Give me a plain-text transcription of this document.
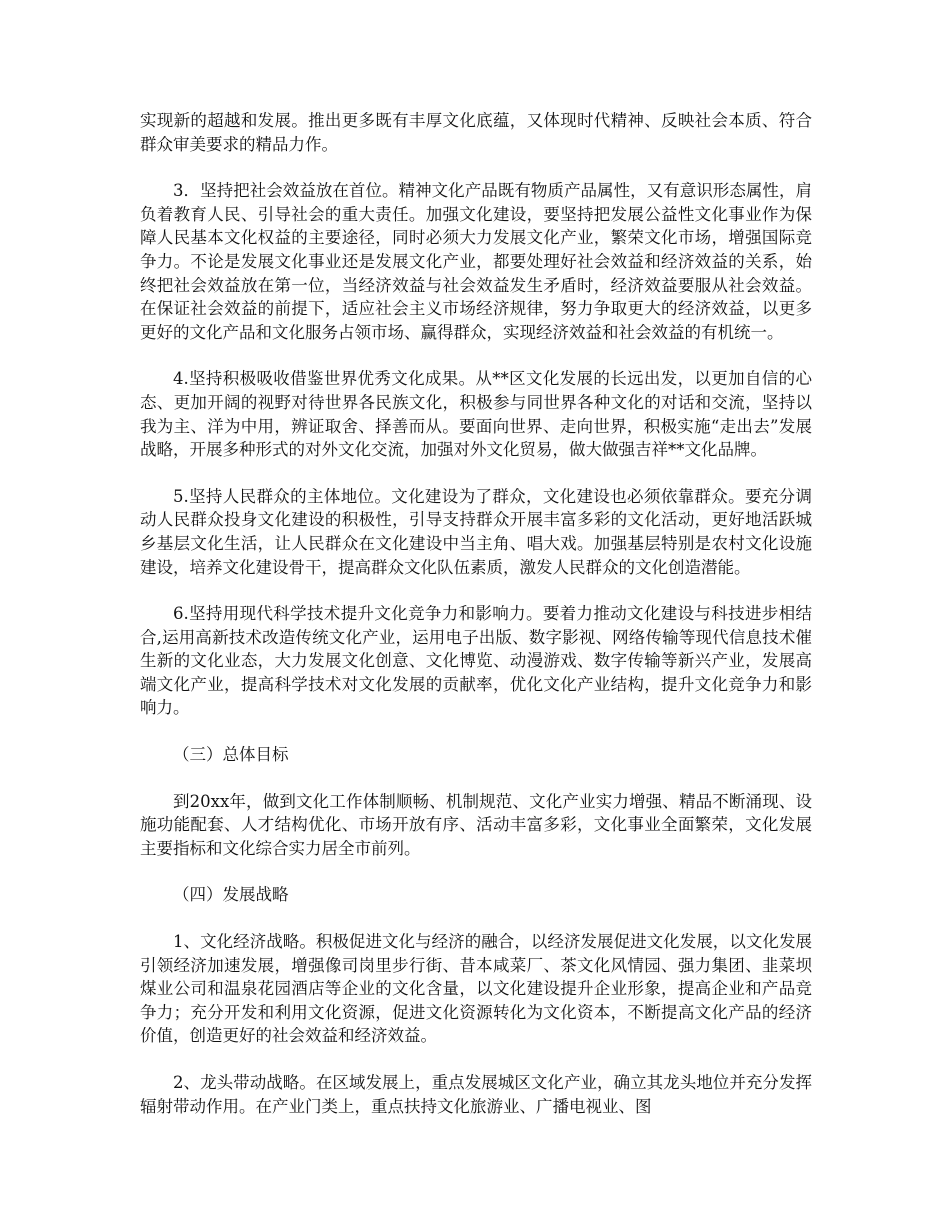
实现新的超越和发展。推出更多既有丰厚文化底蕴，又体现时代精神、反映社会本质、符合群众审美要求的精品力作。

3．坚持把社会效益放在首位。精神文化产品既有物质产品属性，又有意识形态属性，肩负着教育人民、引导社会的重大责任。加强文化建设，要坚持把发展公益性文化事业作为保障人民基本文化权益的主要途径，同时必须大力发展文化产业，繁荣文化市场，增强国际竞争力。不论是发展文化事业还是发展文化产业，都要处理好社会效益和经济效益的关系，始终把社会效益放在第一位，当经济效益与社会效益发生矛盾时，经济效益要服从社会效益。在保证社会效益的前提下，适应社会主义市场经济规律，努力争取更大的经济效益，以更多更好的文化产品和文化服务占领市场、赢得群众，实现经济效益和社会效益的有机统一。

4.坚持积极吸收借鉴世界优秀文化成果。从**区文化发展的长远出发，以更加自信的心态、更加开阔的视野对待世界各民族文化，积极参与同世界各种文化的对话和交流，坚持以我为主、洋为中用，辨证取舍、择善而从。要面向世界、走向世界，积极实施“走出去”发展战略，开展多种形式的对外文化交流，加强对外文化贸易，做大做强吉祥**文化品牌。

5.坚持人民群众的主体地位。文化建设为了群众，文化建设也必须依靠群众。要充分调动人民群众投身文化建设的积极性，引导支持群众开展丰富多彩的文化活动，更好地活跃城乡基层文化生活，让人民群众在文化建设中当主角、唱大戏。加强基层特别是农村文化设施建设，培养文化建设骨干，提高群众文化队伍素质，激发人民群众的文化创造潜能。

6.坚持用现代科学技术提升文化竞争力和影响力。要着力推动文化建设与科技进步相结合,运用高新技术改造传统文化产业，运用电子出版、数字影视、网络传输等现代信息技术催生新的文化业态，大力发展文化创意、文化博览、动漫游戏、数字传输等新兴产业，发展高端文化产业，提高科学技术对文化发展的贡献率，优化文化产业结构，提升文化竞争力和影响力。

（三）总体目标

到20xx年，做到文化工作体制顺畅、机制规范、文化产业实力增强、精品不断涌现、设施功能配套、人才结构优化、市场开放有序、活动丰富多彩，文化事业全面繁荣，文化发展主要指标和文化综合实力居全市前列。

（四）发展战略

1、文化经济战略。积极促进文化与经济的融合，以经济发展促进文化发展，以文化发展引领经济加速发展，增强像司岗里步行街、昔本咸菜厂、茶文化风情园、强力集团、韭菜坝煤业公司和温泉花园酒店等企业的文化含量，以文化建设提升企业形象，提高企业和产品竞争力；充分开发和利用文化资源，促进文化资源转化为文化资本，不断提高文化产品的经济价值，创造更好的社会效益和经济效益。

2、龙头带动战略。在区域发展上，重点发展城区文化产业，确立其龙头地位并充分发挥辐射带动作用。在产业门类上，重点扶持文化旅游业、广播电视业、图
